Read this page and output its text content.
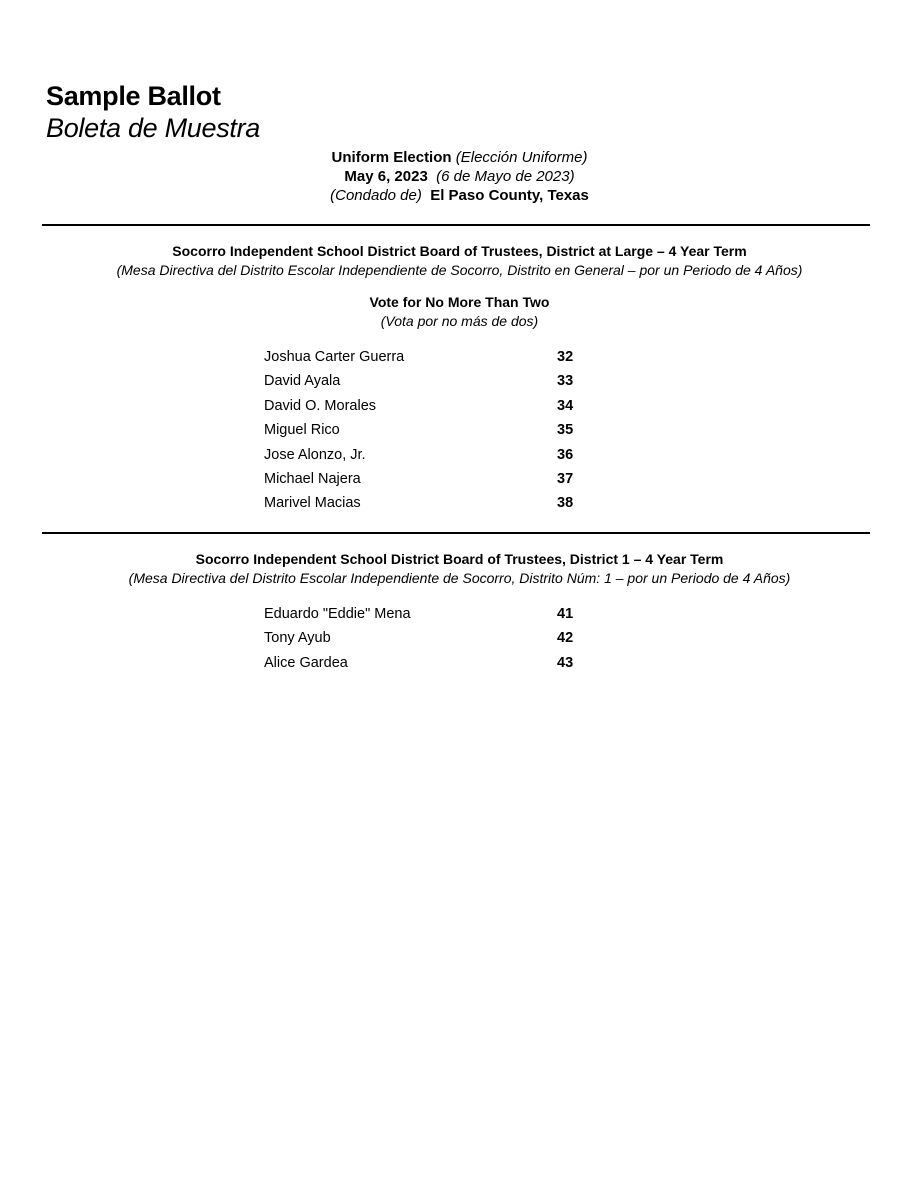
Sample Ballot
Boleta de Muestra
Uniform Election (Elección Uniforme)
May 6, 2023 (6 de Mayo de 2023)
(Condado de) El Paso County, Texas
Socorro Independent School District Board of Trustees, District at Large – 4 Year Term
(Mesa Directiva del Distrito Escolar Independiente de Socorro, Distrito en General – por un Periodo de 4 Años)
Vote for No More Than Two
(Vota por no más de dos)
Joshua Carter Guerra	32
David Ayala	33
David O. Morales	34
Miguel Rico	35
Jose Alonzo, Jr.	36
Michael Najera	37
Marivel Macias	38
Socorro Independent School District Board of Trustees, District 1 – 4 Year Term
(Mesa Directiva del Distrito Escolar Independiente de Socorro, Distrito Núm: 1 – por un Periodo de 4 Años)
Eduardo "Eddie" Mena	41
Tony Ayub	42
Alice Gardea	43
